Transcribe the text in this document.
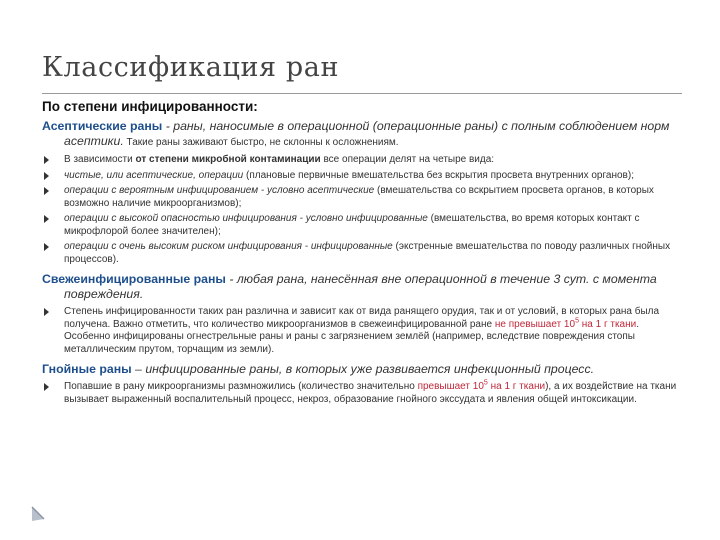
Классификация ран
По степени инфицированности:

Асептические раны - раны, наносимые в операционной (операционные раны) с полным соблюдением норм асептики. Такие раны заживают быстро, не склонны к осложнениям.

В зависимости от степени микробной контаминации все операции делят на четыре вида:
чистые, или асептические, операции (плановые первичные вмешательства без вскрытия просвета внутренних органов);
операции с вероятным инфицированием - условно асептические (вмешательства со вскрытием просвета органов, в которых возможно наличие микроорганизмов);
операции с высокой опасностью инфицирования - условно инфицированные (вмешательства, во время которых контакт с микрофлорой более значителен);
операции с очень высоким риском инфицирования - инфицированные (экстренные вмешательства по поводу различных гнойных процессов).

Свежеинфицированные раны - любая рана, нанесённая вне операционной в течение 3 сут. с момента повреждения.

Степень инфицированности таких ран различна и зависит как от вида ранящего орудия, так и от условий, в которых рана была получена. Важно отметить, что количество микроорганизмов в свежеинфицированной ране не превышает $10^5$ на 1 г ткани. Особенно инфицированы огнестрельные раны и раны с загрязнением землёй (например, вследствие повреждения стопы металлическим прутом, торчащим из земли).

Гнойные раны – инфицированные раны, в которых уже развивается инфекционный процесс.

Попавшие в рану микроорганизмы размножились (количество значительно превышает $10^5$ на 1 г ткани), а их воздействие на ткани вызывает выраженный воспалительный процесс, некроз, образование гнойного экссудата и явления общей интоксикации.
